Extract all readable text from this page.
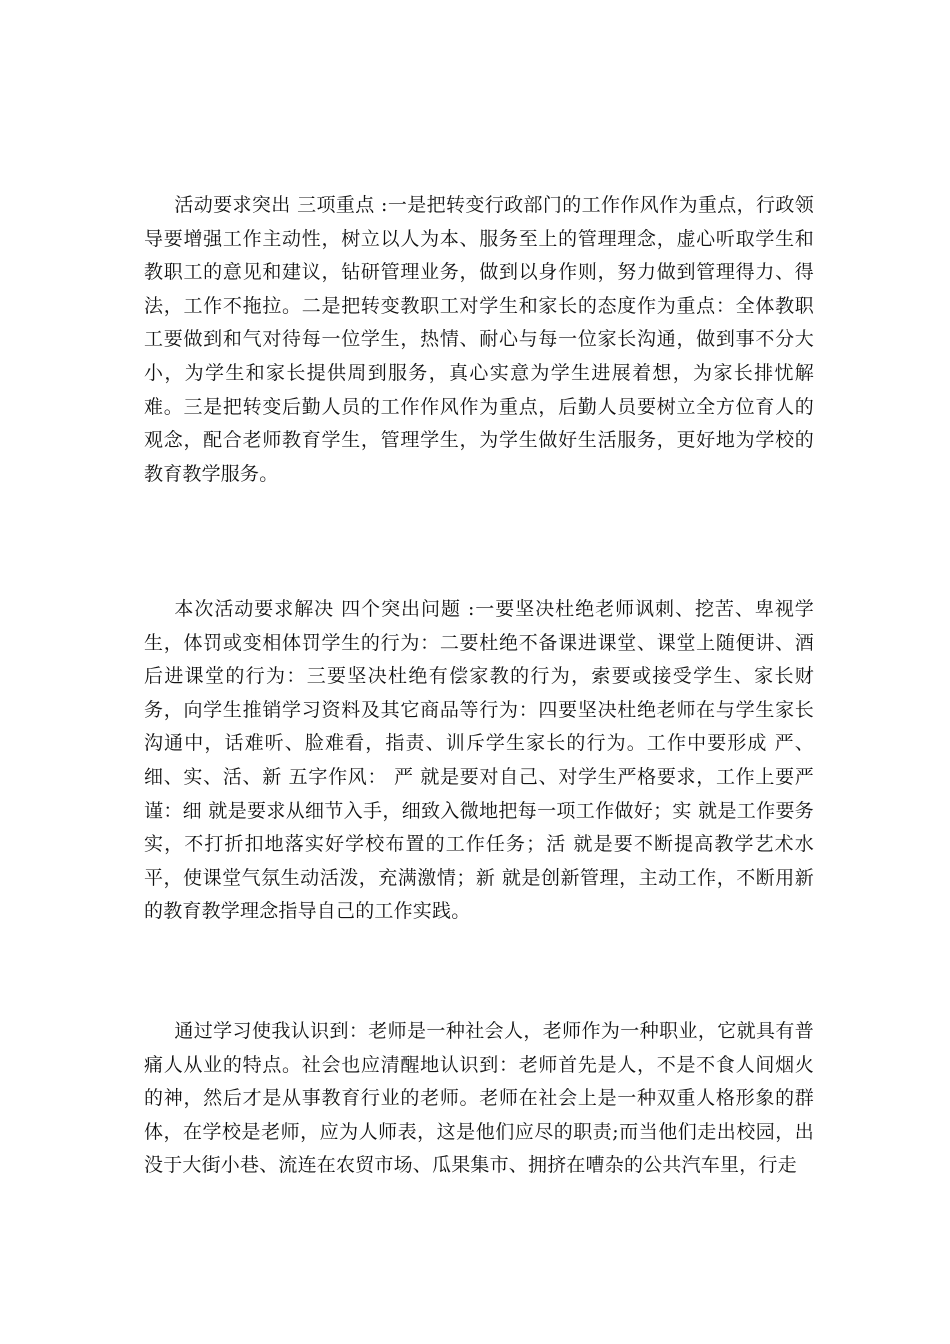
活动要求突出 三项重点 :一是把转变行政部门的工作作风作为重点，行政领导要增强工作主动性，树立以人为本、服务至上的管理理念，虚心听取学生和教职工的意见和建议，钻研管理业务，做到以身作则，努力做到管理得力、得法，工作不拖拉。二是把转变教职工对学生和家长的态度作为重点：全体教职工要做到和气对待每一位学生，热情、耐心与每一位家长沟通，做到事不分大小，为学生和家长提供周到服务，真心实意为学生进展着想，为家长排忧解难。三是把转变后勤人员的工作作风作为重点，后勤人员要树立全方位育人的观念，配合老师教育学生，管理学生，为学生做好生活服务，更好地为学校的教育教学服务。

本次活动要求解决 四个突出问题 :一要坚决杜绝老师讽刺、挖苦、卑视学生，体罚或变相体罚学生的行为：二要杜绝不备课进课堂、课堂上随便讲、酒后进课堂的行为：三要坚决杜绝有偿家教的行为，索要或接受学生、家长财务，向学生推销学习资料及其它商品等行为：四要坚决杜绝老师在与学生家长沟通中，话难听、脸难看，指责、训斥学生家长的行为。工作中要形成 严、细、实、活、新 五字作风： 严 就是要对自己、对学生严格要求，工作上要严谨：细 就是要求从细节入手，细致入微地把每一项工作做好；实 就是工作要务实，不打折扣地落实好学校布置的工作任务；活 就是要不断提高教学艺术水平，使课堂气氛生动活泼，充满激情；新 就是创新管理，主动工作，不断用新的教育教学理念指导自己的工作实践。

通过学习使我认识到：老师是一种社会人，老师作为一种职业，它就具有普痛人从业的特点。社会也应清醒地认识到：老师首先是人，不是不食人间烟火的神，然后才是从事教育行业的老师。老师在社会上是一种双重人格形象的群体，在学校是老师，应为人师表，这是他们应尽的职责;而当他们走出校园，出没于大街小巷、流连在农贸市场、瓜果集市、拥挤在嘈杂的公共汽车里，行走
